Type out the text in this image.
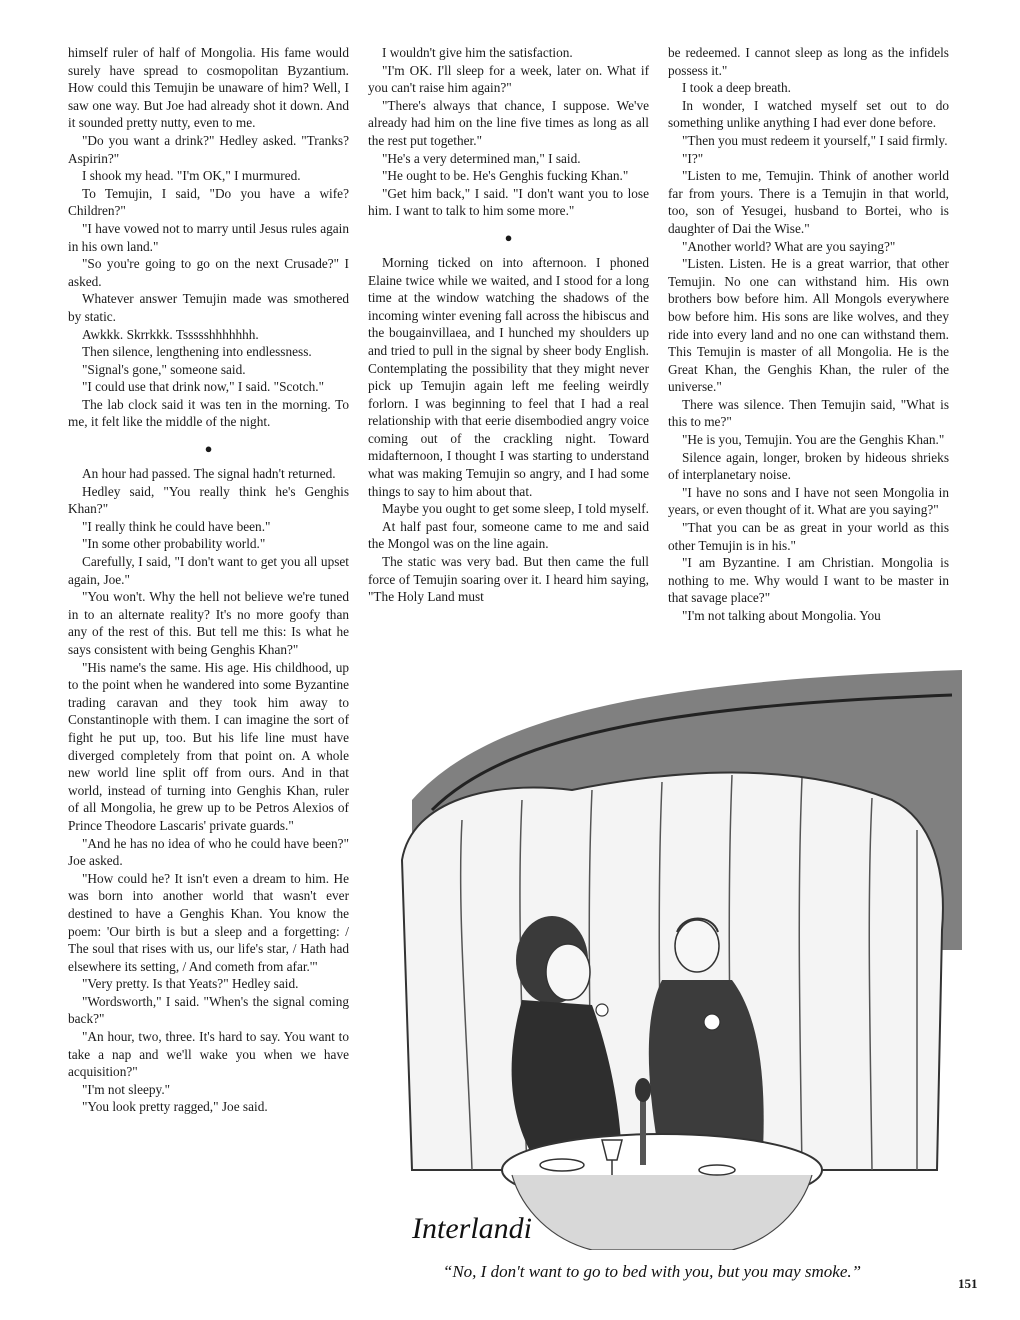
himself ruler of half of Mongolia. His fame would surely have spread to cosmopolitan Byzantium. How could this Temujin be unaware of him? Well, I saw one way. But Joe had already shot it down. And it sounded pretty nutty, even to me.

"Do you want a drink?" Hedley asked. "Tranks? Aspirin?"

I shook my head. "I'm OK," I murmured.

To Temujin, I said, "Do you have a wife? Children?"

"I have vowed not to marry until Jesus rules again in his own land."

"So you're going to go on the next Crusade?" I asked.

Whatever answer Temujin made was smothered by static.

Awkkk. Skrrkkk. Tssssshhhhhhh.

Then silence, lengthening into endlessness.

"Signal's gone," someone said.

"I could use that drink now," I said. "Scotch."

The lab clock said it was ten in the morning. To me, it felt like the middle of the night.

●

An hour had passed. The signal hadn't returned.

Hedley said, "You really think he's Genghis Khan?"

"I really think he could have been."

"In some other probability world."

Carefully, I said, "I don't want to get you all upset again, Joe."

"You won't. Why the hell not believe we're tuned in to an alternate reality? It's no more goofy than any of the rest of this. But tell me this: Is what he says consistent with being Genghis Khan?"

"His name's the same. His age. His childhood, up to the point when he wandered into some Byzantine trading caravan and they took him away to Constantinople with them. I can imagine the sort of fight he put up, too. But his life line must have diverged completely from that point on. A whole new world line split off from ours. And in that world, instead of turning into Genghis Khan, ruler of all Mongolia, he grew up to be Petros Alexios of Prince Theodore Lascaris' private guards."

"And he has no idea of who he could have been?" Joe asked.

"How could he? It isn't even a dream to him. He was born into another world that wasn't ever destined to have a Genghis Khan. You know the poem: 'Our birth is but a sleep and a forgetting: / The soul that rises with us, our life's star, / Hath had elsewhere its setting, / And cometh from afar.'"

"Very pretty. Is that Yeats?" Hedley said.

"Wordsworth," I said. "When's the signal coming back?"

"An hour, two, three. It's hard to say. You want to take a nap and we'll wake you when we have acquisition?"

"I'm not sleepy."

"You look pretty ragged," Joe said.

I wouldn't give him the satisfaction.

"I'm OK. I'll sleep for a week, later on. What if you can't raise him again?"

"There's always that chance, I suppose. We've already had him on the line five times as long as all the rest put together."

"He's a very determined man," I said.

"He ought to be. He's Genghis fucking Khan."

"Get him back," I said. "I don't want you to lose him. I want to talk to him some more."

●

Morning ticked on into afternoon. I phoned Elaine twice while we waited, and I stood for a long time at the window watching the shadows of the incoming winter evening fall across the hibiscus and the bougainvillaea, and I hunched my shoulders up and tried to pull in the signal by sheer body English. Contemplating the possibility that they might never pick up Temujin again left me feeling weirdly forlorn. I was beginning to feel that I had a real relationship with that eerie disembodied angry voice coming out of the crackling night. Toward midafternoon, I thought I was starting to understand what was making Temujin so angry, and I had some things to say to him about that.

Maybe you ought to get some sleep, I told myself.

At half past four, someone came to me and said the Mongol was on the line again.

The static was very bad. But then came the full force of Temujin soaring over it. I heard him saying, "The Holy Land must

be redeemed. I cannot sleep as long as the infidels possess it."

I took a deep breath.

In wonder, I watched myself set out to do something unlike anything I had ever done before.

"Then you must redeem it yourself," I said firmly.

"I?"

"Listen to me, Temujin. Think of another world far from yours. There is a Temujin in that world, too, son of Yesugei, husband to Bortei, who is daughter of Dai the Wise."

"Another world? What are you saying?"

"Listen. Listen. He is a great warrior, that other Temujin. No one can withstand him. His own brothers bow before him. All Mongols everywhere bow before him. His sons are like wolves, and they ride into every land and no one can withstand them. This Temujin is master of all Mongolia. He is the Great Khan, the Genghis Khan, the ruler of the universe."

There was silence. Then Temujin said, "What is this to me?"

"He is you, Temujin. You are the Genghis Khan."

Silence again, longer, broken by hideous shrieks of interplanetary noise.

"I have no sons and I have not seen Mongolia in years, or even thought of it. What are you saying?"

"That you can be as great in your world as this other Temujin is in his."

"I am Byzantine. I am Christian. Mongolia is nothing to me. Why would I want to be master in that savage place?"

"I'm not talking about Mongolia. You

Interlandi
“No, I don't want to go to bed with you, but you may smoke.”
151
